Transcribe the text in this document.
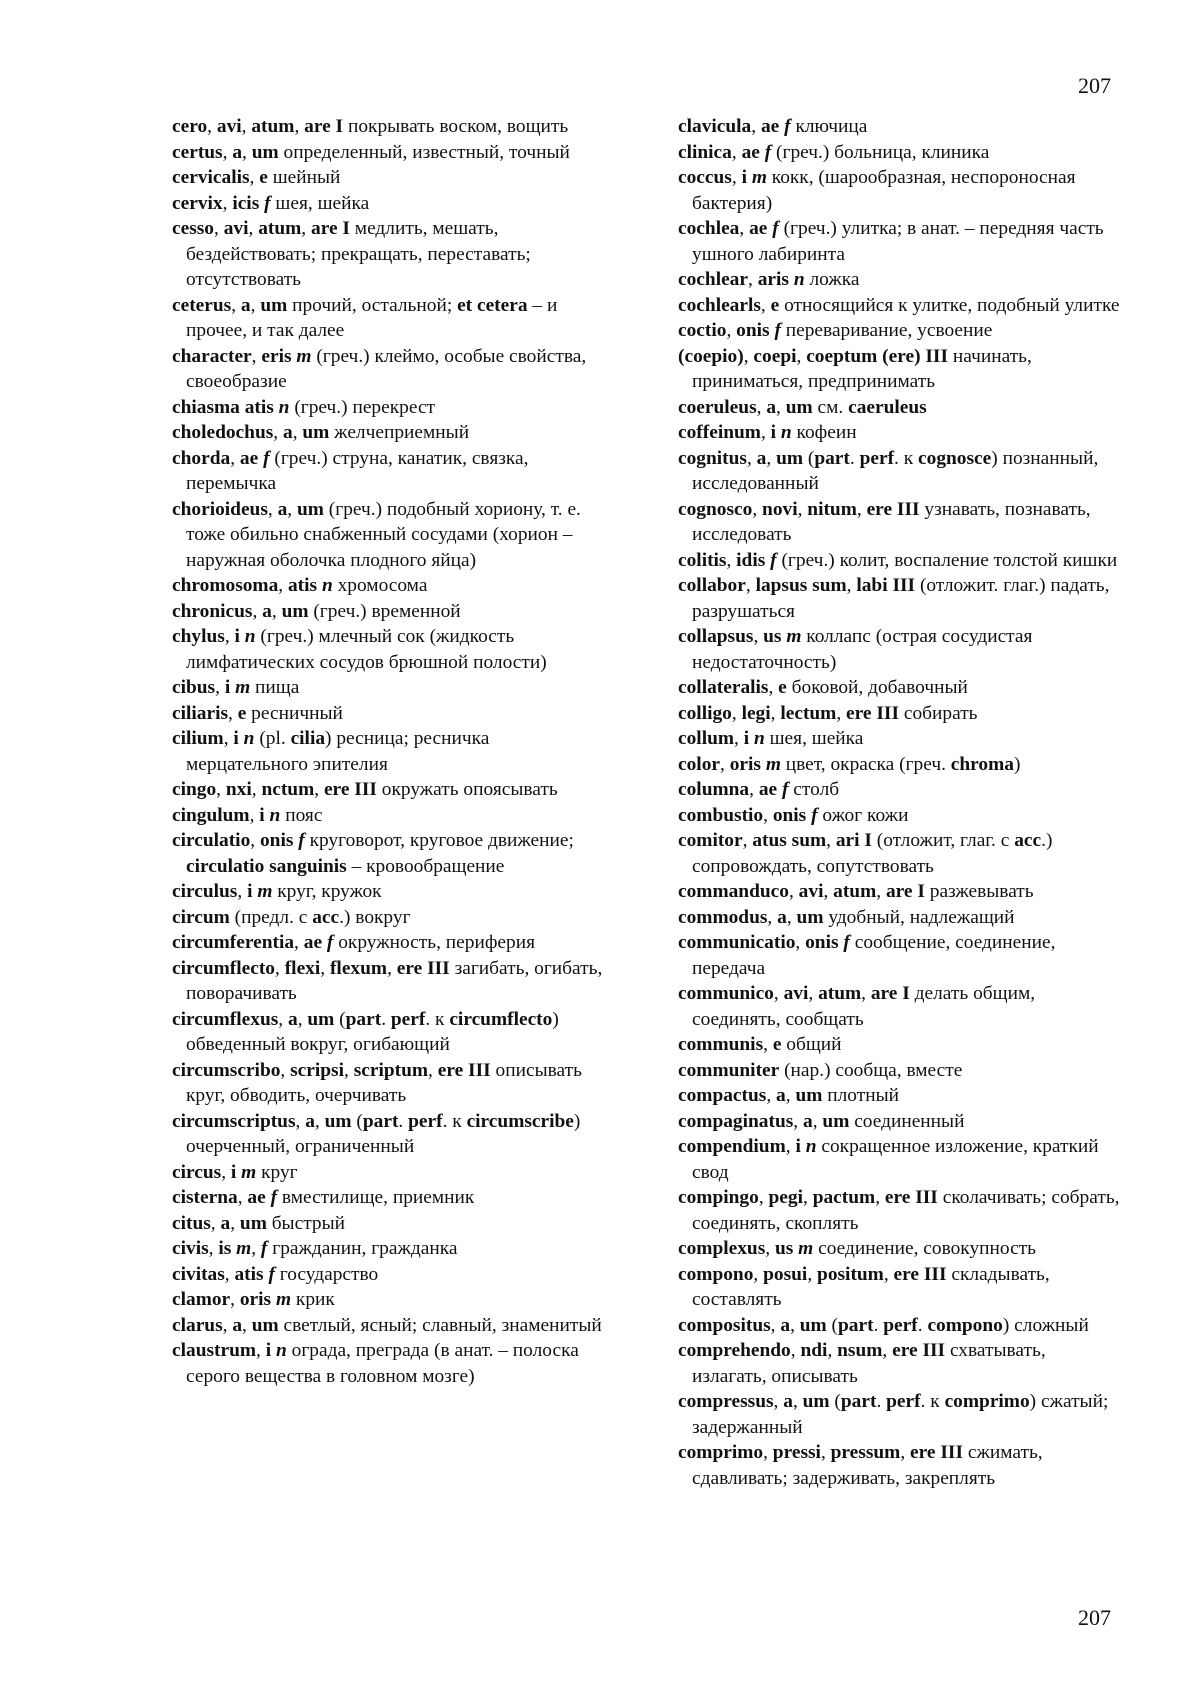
207
cero, avi, atum, are I покрывать воском, вощить
certus, a, um определенный, известный, точный
cervicalis, e шейный
cervix, icis f шея, шейка
cesso, avi, atum, are I медлить, мешать, бездействовать; прекращать, переставать; отсутствовать
ceterus, a, um прочий, остальной; et cetera – и прочее, и так далее
character, eris m (греч.) клеймо, особые свойства, своеобразие
chiasma atis n (греч.) перекрест
choledochus, a, um желчеприемный
chorda, ae f (греч.) струна, канатик, связка, перемычка
chorioideus, a, um (греч.) подобный хориону, т. е. тоже обильно снабженный сосудами (хорион – наружная оболочка плодного яйца)
chromosoma, atis n хромосома
chronicus, a, um (греч.) временной
chylus, i n (греч.) млечный сок (жидкость лимфатических сосудов брюшной полости)
cibus, i m пища
ciliaris, e ресничный
cilium, i n (pl. cilia) ресница; ресничка мерцательного эпителия
cingo, nxi, nctum, ere III окружать опоясывать
cingulum, i n пояс
circulatio, onis f круговорот, круговое движение; circulatio sanguinis – кровообращение
circulus, i m круг, кружок
circum (предл. с acc.) вокруг
circumferentia, ae f окружность, периферия
circumflecto, flexi, flexum, ere III загибать, огибать, поворачивать
circumflexus, a, um (part. perf. к circumflecto) обведенный вокруг, огибающий
circumscribo, scripsi, scriptum, ere III описывать круг, обводить, очерчивать
circumscriptus, a, um (part. perf. к circumscribe) очерченный, ограниченный
circus, i m круг
cisterna, ae f вместилище, приемник
citus, a, um быстрый
civis, is m, f гражданин, гражданка
civitas, atis f государство
clamor, oris m крик
clarus, a, um светлый, ясный; славный, знаменитый
claustrum, i n ограда, преграда (в анат. – полоска серого вещества в головном мозге)
clavicula, ae f ключица
clinica, ae f (греч.) больница, клиника
coccus, i m кокк, (шарообразная, неспороносная бактерия)
cochlea, ae f (греч.) улитка; в анат. – передняя часть ушного лабиринта
cochlear, aris n ложка
cochlearls, e относящийся к улитке, подобный улитке
coctio, onis f переваривание, усвоение
(coepio), coepi, coeptum (ere) III начинать, приниматься, предпринимать
coeruleus, a, um см. caeruleus
coffeinum, i n кофеин
cognitus, a, um (part. perf. к cognosce) познанный, исследованный
cognosco, novi, nitum, ere III узнавать, познавать, исследовать
colitis, idis f (греч.) колит, воспаление толстой кишки
collabor, lapsus sum, labi III (отложит. глаг.) падать, разрушаться
collapsus, us m коллапс (острая сосудистая недостаточность)
collateralis, e боковой, добавочный
colligo, legi, lectum, ere III собирать
collum, i n шея, шейка
color, oris m цвет, окраска (греч. chroma)
columna, ae f столб
combustio, onis f ожог кожи
comitor, atus sum, ari I (отложит, глаг. с acc.) сопровождать, сопутствовать
commanduco, avi, atum, are I разжевывать
commodus, a, um удобный, надлежащий
communicatio, onis f сообщение, соединение, передача
communico, avi, atum, are I делать общим, соединять, сообщать
communis, e общий
communiter (нар.) сообща, вместе
compactus, a, um плотный
compaginatus, a, um соединенный
compendium, i n сокращенное изложение, краткий свод
compingo, pegi, pactum, ere III сколачивать; собрать, соединять, скоплять
complexus, us m соединение, совокупность
compono, posui, positum, ere III складывать, составлять
compositus, a, um (part. perf. compono) сложный
comprehendo, ndi, nsum, ere III схватывать, излагать, описывать
compressus, a, um (part. perf. к comprimo) сжатый; задержанный
comprimo, pressi, pressum, ere III сжимать, сдавливать; задерживать, закреплять
207
